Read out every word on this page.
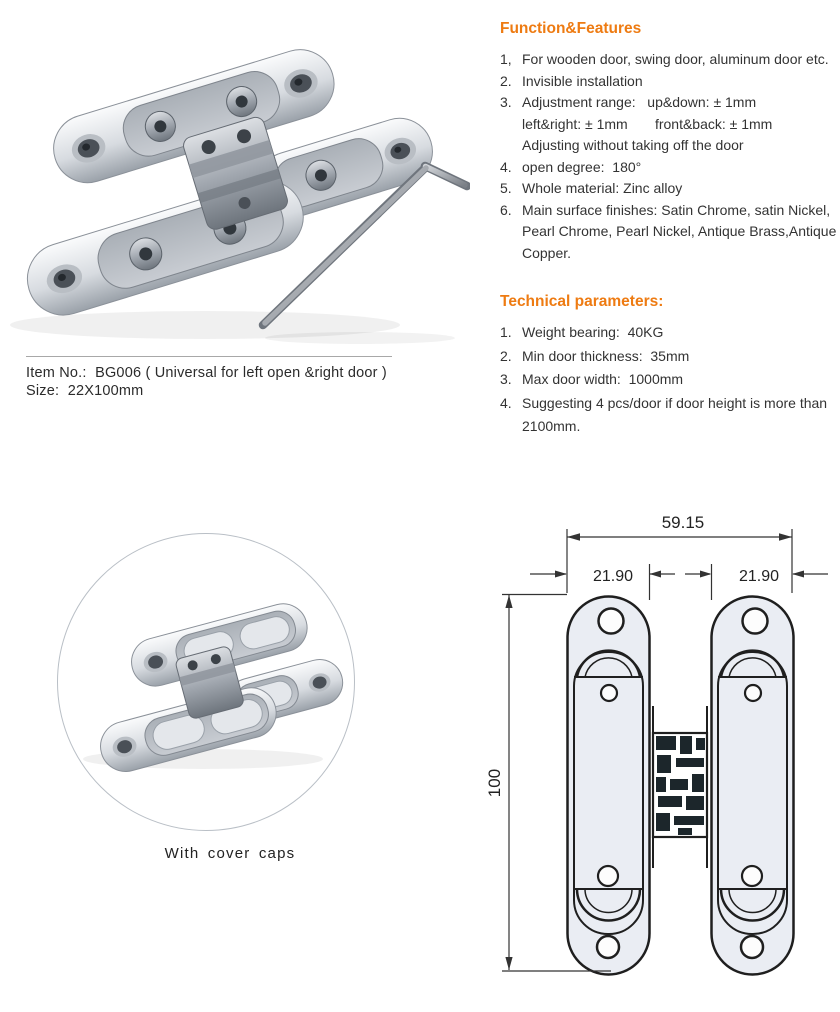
Item No.:  BG006 ( Universal for left open &right door )
Size:  22X100mm
Function&Features
1, For wooden door, swing door, aluminum door etc.
2. Invisible installation
3. Adjustment range:   up&down: ± 1mm
left&right: ± 1mm       front&back: ± 1mm
Adjusting without taking off the door
4. open degree:  180°
5. Whole material: Zinc alloy
6. Main surface finishes: Satin Chrome, satin Nickel, Pearl Chrome, Pearl Nickel, Antique Brass,Antique Copper.
Technical parameters:
1. Weight bearing:  40KG
2. Min door thickness:  35mm
3. Max door width:  1000mm
4. Suggesting 4 pcs/door if door height is more than 2100mm.
With cover caps
59.15
21.90	21.90
100
